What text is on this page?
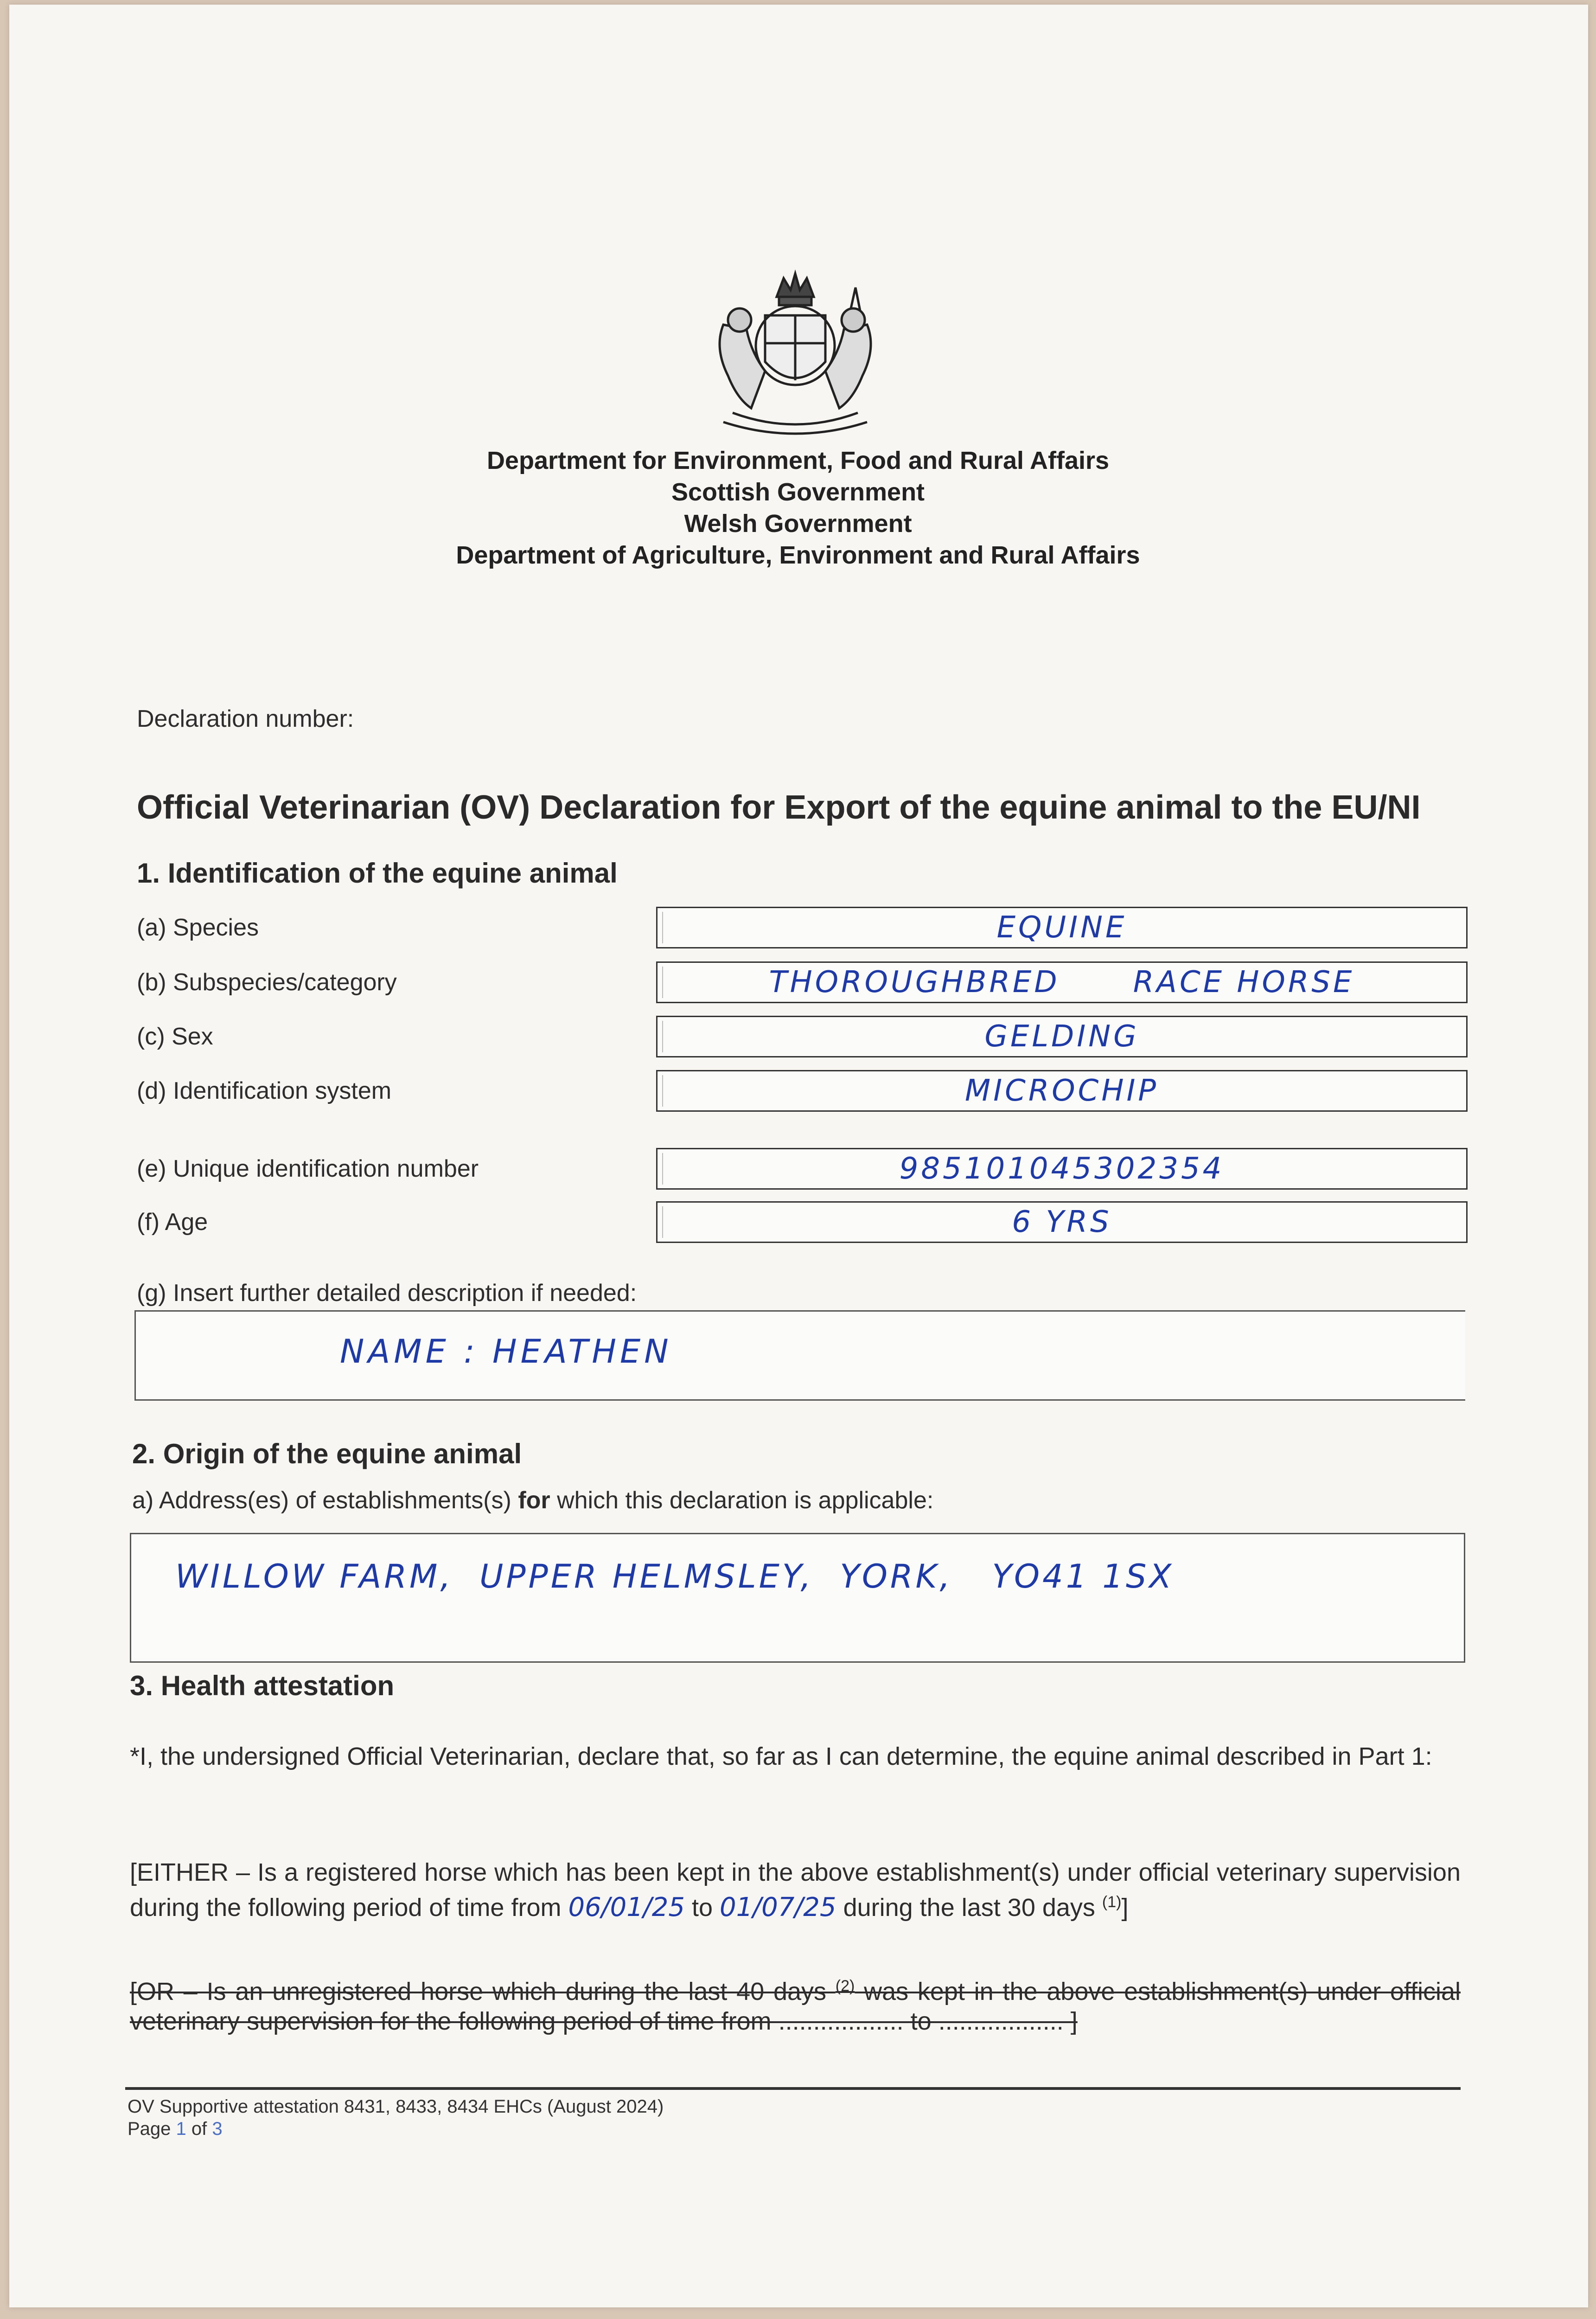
Department for Environment, Food and Rural Affairs
Scottish Government
Welsh Government
Department of Agriculture, Environment and Rural Affairs
Declaration number:
Official Veterinarian (OV) Declaration for Export of the equine animal to the EU/NI
1. Identification of the equine animal
(a) Species	EQUINE
(b) Subspecies/category	THOROUGHBRED      RACE HORSE
(c) Sex	GELDING
(d) Identification system	MICROCHIP
(e) Unique identification number	985101045302354
(f) Age	6 YRS
(g) Insert further detailed description if needed:
NAME : HEATHEN
2. Origin of the equine animal
a) Address(es) of establishments(s) for which this declaration is applicable:
WILLOW FARM,  UPPER HELMSLEY,  YORK,   YO41 1SX
3. Health attestation
*I, the undersigned Official Veterinarian, declare that, so far as I can determine, the equine animal described in Part 1:
[EITHER – Is a registered horse which has been kept in the above establishment(s) under official veterinary supervision during the following period of time from 06/01/25 to 01/07/25 during the last 30 days $^{(1)}$]
[OR – Is an unregistered horse which during the last 40 days $^{(2)}$ was kept in the above establishment(s) under official veterinary supervision for the following period of time from .................. to .................. ]
OV Supportive attestation 8431, 8433, 8434 EHCs (August 2024)
Page 1 of 3
